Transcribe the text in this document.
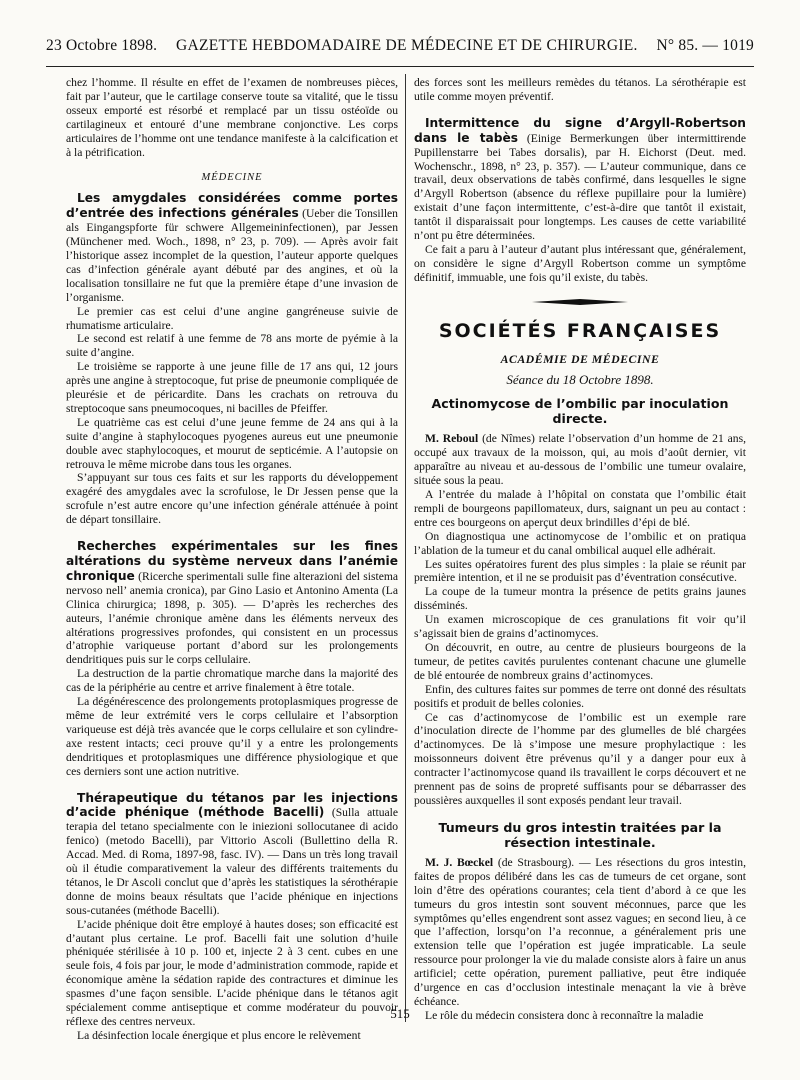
23 Octobre 1898. GAZETTE HEBDOMADAIRE DE MÉDECINE ET DE CHIRURGIE. N° 85. — 1019

chez l’homme. Il résulte en effet de l’examen de nombreuses pièces, fait par l’auteur, que le cartilage conserve toute sa vitalité, que le tissu osseux emporté est résorbé et remplacé par un tissu ostéoïde ou cartilagineux et entouré d’une membrane conjonctive. Les corps articulaires de l’homme ont une tendance manifeste à la calcification et à la pétrification.

MÉDECINE

Les amygdales considérées comme portes d’entrée des infections générales (Ueber die Tonsillen als Eingangspforte für schwere Allgemeininfectionen), par Jessen (Münchener med. Woch., 1898, n° 23, p. 709). — Après avoir fait l’historique assez incomplet de la question, l’auteur apporte quelques cas d’infection générale ayant débuté par des angines, et où la localisation tonsillaire ne fut que la première étape d’une invasion de l’organisme.

Le premier cas est celui d’une angine gangréneuse suivie de rhumatisme articulaire.

Le second est relatif à une femme de 78 ans morte de pyémie à la suite d’angine.

Le troisième se rapporte à une jeune fille de 17 ans qui, 12 jours après une angine à streptocoque, fut prise de pneumonie compliquée de pleurésie et de péricardite. Dans les crachats on retrouva du streptocoque sans pneumocoques, ni bacilles de Pfeiffer.

Le quatrième cas est celui d’une jeune femme de 24 ans qui à la suite d’angine à staphylocoques pyogenes aureus eut une pneumonie double avec staphylocoques, et mourut de septicémie. A l’autopsie on retrouva le même microbe dans tous les organes.

S’appuyant sur tous ces faits et sur les rapports du développement exagéré des amygdales avec la scrofulose, le Dr Jessen pense que la scrofule n’est autre encore qu’une infection générale atténuée à point de départ tonsillaire.

Recherches expérimentales sur les fines altérations du système nerveux dans l’anémie chronique (Ricerche sperimentali sulle fine alterazioni del sistema nervoso nell’ anemia cronica), par Gino Lasio et Antonino Amenta (La Clinica chirurgica; 1898, p. 305). — D’après les recherches des auteurs, l’anémie chronique amène dans les éléments nerveux des altérations progressives profondes, qui consistent en un processus d’atrophie variqueuse portant d’abord sur les prolongements dendritiques puis sur le corps cellulaire.

La destruction de la partie chromatique marche dans la majorité des cas de la périphérie au centre et arrive finalement à être totale.

La dégénérescence des prolongements protoplasmiques progresse de même de leur extrémité vers le corps cellulaire et l’absorption variqueuse est déjà très avancée que le corps cellulaire et son cylindre-axe restent intacts; ceci prouve qu’il y a entre les prolongements dendritiques et protoplasmiques une différence physiologique et que ces derniers sont une action nutritive.

Thérapeutique du tétanos par les injections d’acide phénique (méthode Bacelli) (Sulla attuale terapia del tetano specialmente con le iniezioni sollocutanee di acido fenico) (metodo Bacelli), par Vittorio Ascoli (Bullettino della R. Accad. Med. di Roma, 1897-98, fasc. IV). — Dans un très long travail où il étudie comparativement la valeur des différents traitements du tétanos, le Dr Ascoli conclut que d’après les statistiques la sérothérapie donne de moins beaux résultats que l’acide phénique en injections sous-cutanées (méthode Bacelli).

L’acide phénique doit être employé à hautes doses; son efficacité est d’autant plus certaine. Le prof. Bacelli fait une solution d’huile phéniquée stérilisée à 10 p. 100 et, injecte 2 à 3 cent. cubes en une seule fois, 4 fois par jour, le mode d’administration commode, rapide et économique amène la sédation rapide des contractures et diminue les spasmes d’une façon sensible. L’acide phénique dans le tétanos agit spécialement comme antiseptique et comme modérateur du pouvoir réflexe des centres nerveux.

La désinfection locale énergique et plus encore le relèvement

des forces sont les meilleurs remèdes du tétanos. La sérothérapie est utile comme moyen préventif.

Intermittence du signe d’Argyll-Robertson dans le tabès (Einige Bermerkungen über intermittirende Pupillenstarre bei Tabes dorsalis), par H. Eichorst (Deut. med. Wochenschr., 1898, n° 23, p. 357). — L’auteur communique, dans ce travail, deux observations de tabès confirmé, dans lesquelles le signe d’Argyll Robertson (absence du réflexe pupillaire pour la lumière) existait d’une façon intermittente, c’est-à-dire que tantôt il existait, tantôt il disparaissait pour longtemps. Les causes de cette variabilité n’ont pu être déterminées.

Ce fait a paru à l’auteur d’autant plus intéressant que, généralement, on considère le signe d’Argyll Robertson comme un symptôme définitif, immuable, une fois qu’il existe, du tabès.

SOCIÉTÉS FRANÇAISES
ACADÉMIE DE MÉDECINE
Séance du 18 Octobre 1898.
Actinomycose de l’ombilic par inoculation directe.

M. Reboul (de Nîmes) relate l’observation d’un homme de 21 ans, occupé aux travaux de la moisson, qui, au mois d’août dernier, vit apparaître au niveau et au-dessous de l’ombilic une tumeur ovalaire, située sous la peau.

A l’entrée du malade à l’hôpital on constata que l’ombilic était rempli de bourgeons papillomateux, durs, saignant un peu au contact : entre ces bourgeons on aperçut deux brindilles d’épi de blé.

On diagnostiqua une actinomycose de l’ombilic et on pratiqua l’ablation de la tumeur et du canal ombilical auquel elle adhérait.

Les suites opératoires furent des plus simples : la plaie se réunit par première intention, et il ne se produisit pas d’éventration consécutive.

La coupe de la tumeur montra la présence de petits grains jaunes disséminés.

Un examen microscopique de ces granulations fit voir qu’il s’agissait bien de grains d’actinomyces.

On découvrit, en outre, au centre de plusieurs bourgeons de la tumeur, de petites cavités purulentes contenant chacune une glumelle de blé entourée de nombreux grains d’actinomyces.

Enfin, des cultures faites sur pommes de terre ont donné des résultats positifs et produit de belles colonies.

Ce cas d’actinomycose de l’ombilic est un exemple rare d’inoculation directe de l’homme par des glumelles de blé chargées d’actinomyces. De là s’impose une mesure prophylactique : les moissonneurs doivent être prévenus qu’il y a danger pour eux à contracter l’actinomycose quand ils travaillent le corps découvert et ne prennent pas de soins de propreté suffisants pour se débarrasser des poussières auxquelles il sont exposés pendant leur travail.

Tumeurs du gros intestin traitées par la résection intestinale.

M. J. Bœckel (de Strasbourg). — Les résections du gros intestin, faites de propos délibéré dans les cas de tumeurs de cet organe, sont loin d’être des opérations courantes; cela tient d’abord à ce que les tumeurs du gros intestin sont souvent méconnues, parce que les symptômes qu’elles engendrent sont assez vagues; en second lieu, à ce que l’affection, lorsqu’on l’a reconnue, a généralement pris une extension telle que l’opération est jugée impraticable. La seule ressource pour prolonger la vie du malade consiste alors à faire un anus artificiel; cette opération, purement palliative, peut être indiquée d’urgence en cas d’occlusion intestinale menaçant la vie à brève échéance.

Le rôle du médecin consistera donc à reconnaître la maladie

515
